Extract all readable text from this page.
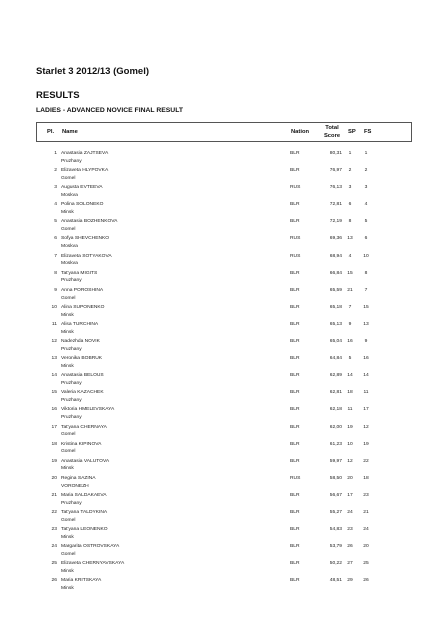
Starlet 3 2012/13 (Gomel)
RESULTS
LADIES - ADVANCED NOVICE FINAL RESULT
Pl. Name	Nation
Total
Score
SP FS
1 Anastasia ZAJTSEVA
Pruzhany
BLR	80,31	1	1
2 Elizaveta HLYPOVKA
Gomel
BLR	76,97	2	2
3 Augusta EVTEEVA
Moskva
RUS	76,13	3	3
4 Polina SOLONEKO
Minsk
BLR	72,81	6	4
5 Anastasia BOZHENKOVA
Gomel
BLR	72,19	8	5
6 Sofya SHEVCHENKO
Moskva
RUS	69,36	13	6
7 Elizaveta SOTYAKOVA
Moskva
RUS	68,94	4	10
8 Tat'yana MIGITS
Pruzhany
BLR	66,84	15	8
9 Anna POROSHINA
Gomel
BLR	65,59	21	7
10 Alina SUPONENKO
Minsk
BLR	65,18	7	15
11 Alisa TURCHINA
Minsk
BLR	65,13	9	13
12 Nadezhda NOVIK
Pruzhany
BLR	65,04	16	9
13 Veronika BOBRUK
Minsk
BLR	64,84	5	16
14 Anastasia BELOUS
Pruzhany
BLR	62,89	14	14
15 Valeria KAZACHEK
Pruzhany
BLR	62,81	18	11
16 Viktoria HMELEVSKAYA
Pruzhany
BLR	62,18	11	17
17 Tat'yana CHERNAYA
Gomel
BLR	62,00	19	12
18 Kristina KIPINOVA
Gomel
BLR	61,23	10	19
19 Anastasia VALUTOVA
Minsk
BLR	59,97	12	22
20 Regina SAZINA
VORONEZH
RUS	58,50	20	18
21 Maria SALDAKAEVA
Pruzhany
BLR	56,67	17	23
22 Tat'yana TALDYKINA
Gomel
BLR	55,27	24	21
23 Tat'yana LEONENKO
Minsk
BLR	54,83	23	24
24 Margarita OSTROVSKAYA
Gomel
BLR	53,79	26	20
25 Elizaveta CHERNYAVSKAYA
Minsk
BLR	50,22	27	25
26 Maria KRITSKAYA
Minsk
BLR	48,51	29	26
